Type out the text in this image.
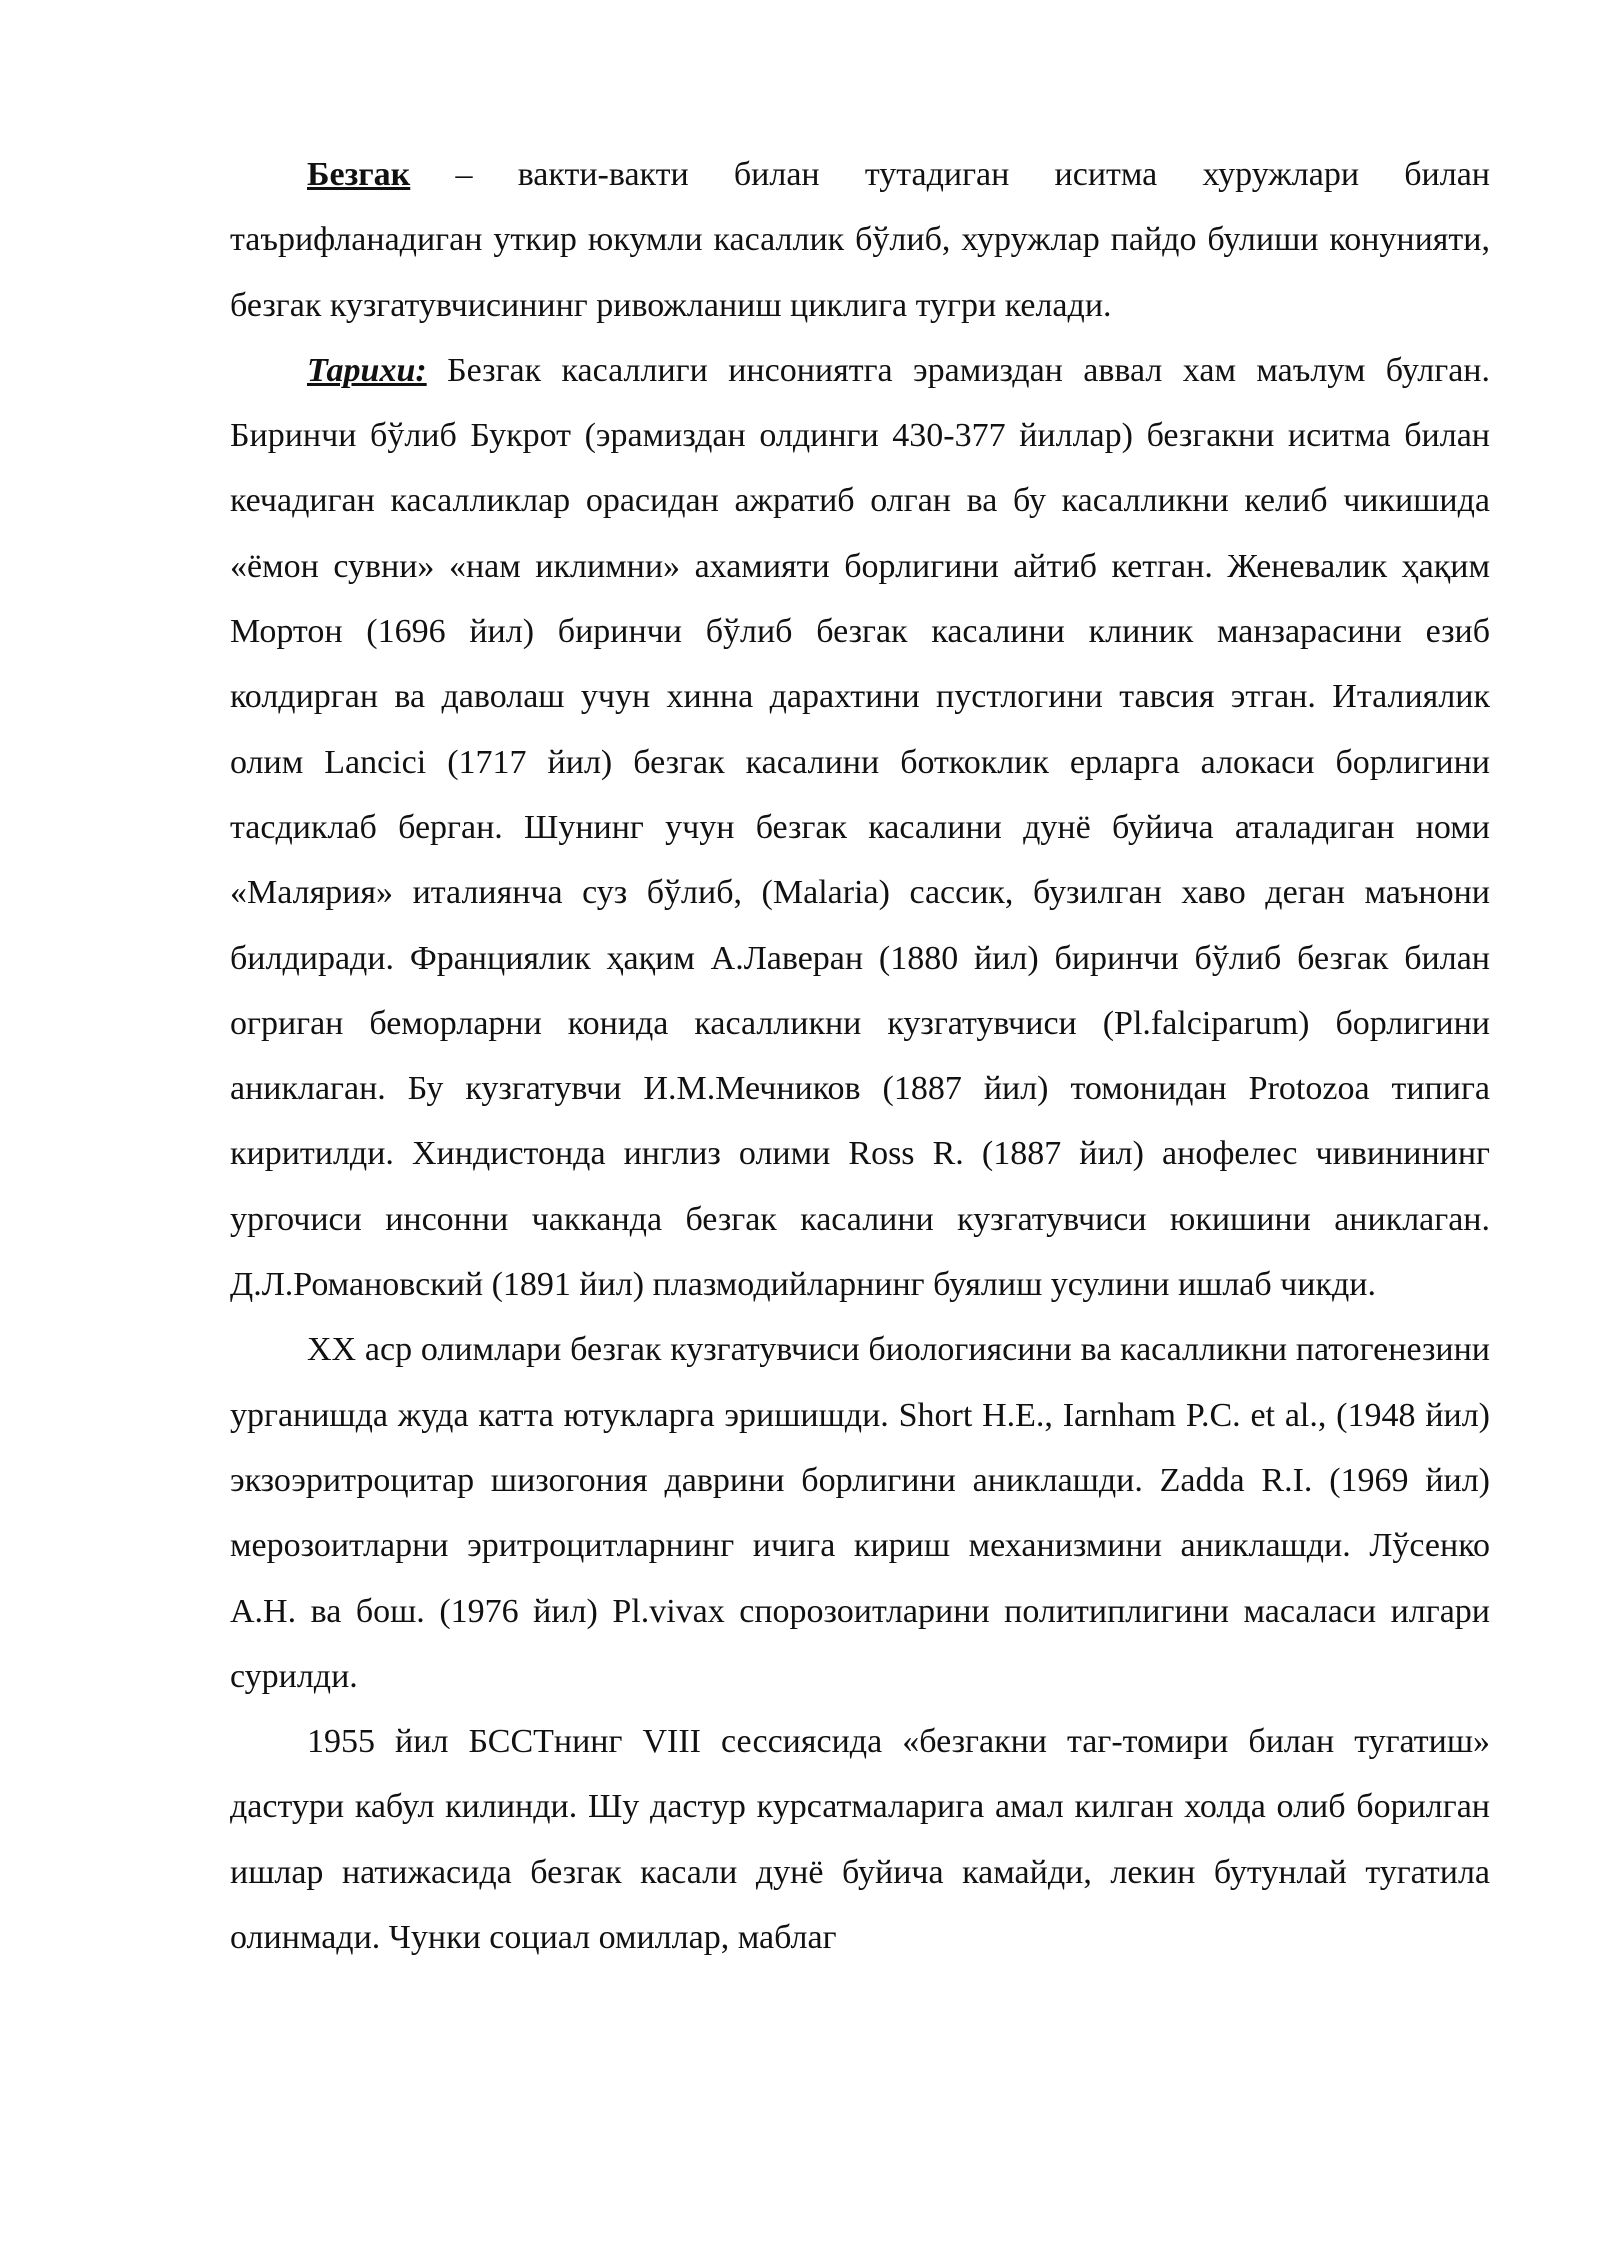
Безгак – вакти-вакти билан тутадиган иситма хуружлари билан таърифланадиган уткир юкумли касаллик бўлиб, хуружлар пайдо булиши конунияти, безгак кузгатувчисининг ривожланиш циклига тугри келади.

Тарихи: Безгак касаллиги инсониятга эрамиздан аввал хам маълум булган. Биринчи бўлиб Букрот (эрамиздан олдинги 430-377 йиллар) безгакни иситма билан кечадиган касалликлар орасидан ажратиб олган ва бу касалликни келиб чикишида «ёмон сувни» «нам иклимни» ахамияти борлигини айтиб кетган. Женевалик ҳақим Мортон (1696 йил) биринчи бўлиб безгак касалини клиник манзарасини езиб колдирган ва даволаш учун хинна дарахтини пустлогини тавсия этган. Италиялик олим Lancici (1717 йил) безгак касалини боткоклик ерларга алокаси борлигини тасдиклаб берган. Шунинг учун безгак касалини дунё буйича аталадиган номи «Малярия» италиянча суз бўлиб, (Malaria) сассик, бузилган хаво деган маънони билдиради. Франциялик ҳақим А.Лаверан (1880 йил) биринчи бўлиб безгак билан огриган беморларни конида касалликни кузгатувчиси (Pl.falciparum) борлигини аниклаган. Бу кузгатувчи И.М.Мечников (1887 йил) томонидан Protozoa типига киритилди. Хиндистонда инглиз олими Ross R. (1887 йил) анофелес чивинининг ургочиси инсонни чакканда безгак касалини кузгатувчиси юкишини аниклаган. Д.Л.Романовский (1891 йил) плазмодийларнинг буялиш усулини ишлаб чикди.

XX аср олимлари безгак кузгатувчиси биологиясини ва касалликни патогенезини урганишда жуда катта ютукларга эришишди. Short H.E., Iarnham P.C. et al., (1948 йил) экзоэритроцитар шизогония даврини борлигини аниклашди. Zadda R.I. (1969 йил) мерозоитларни эритроцитларнинг ичига кириш механизмини аниклашди. Лўсенко А.Н. ва бош. (1976 йил) Pl.vivax спорозоитларини политиплигини масаласи илгари сурилди.

1955 йил БССТнинг VIII сессиясида «безгакни таг-томири билан тугатиш» дастури кабул килинди. Шу дастур курсатмаларига амал килган холда олиб борилган ишлар натижасида безгак касали дунё буйича камайди, лекин бутунлай тугатила олинмади. Чунки социал омиллар, маблаг
